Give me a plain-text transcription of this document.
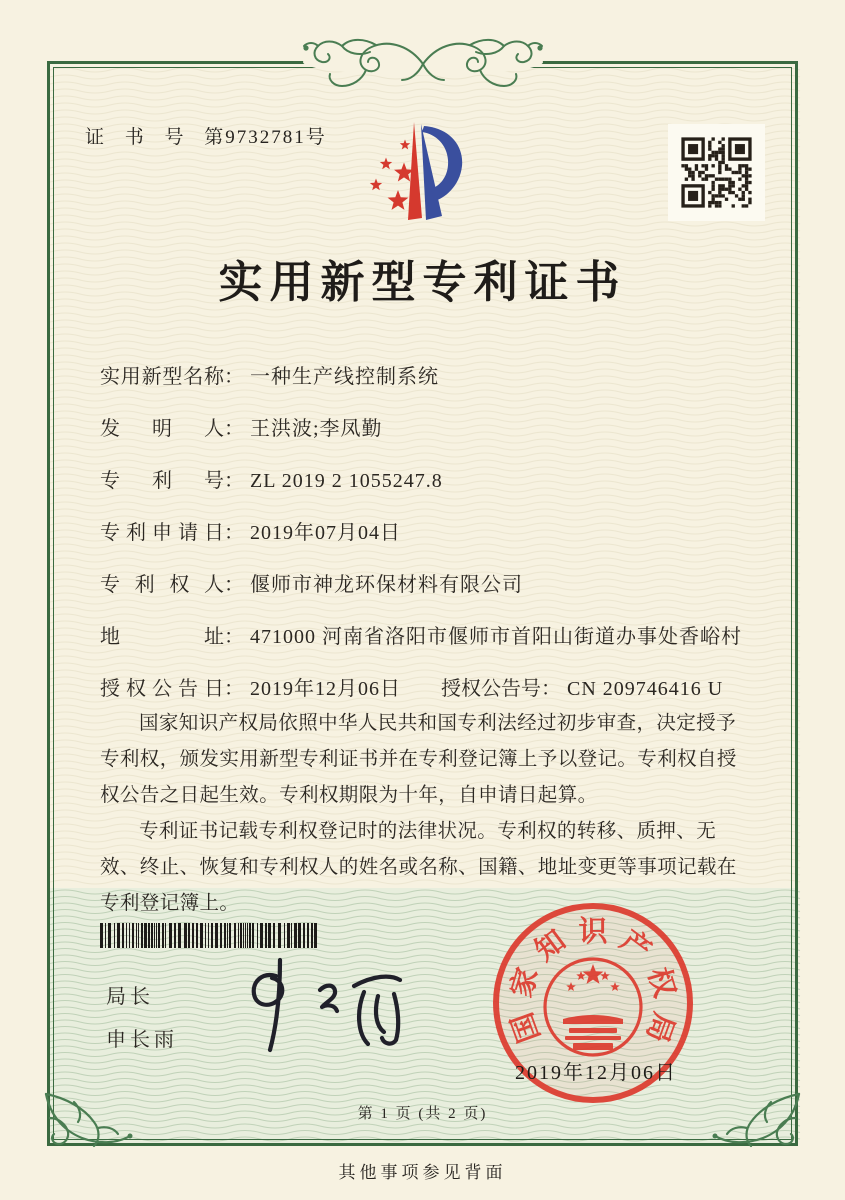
证 书 号 第9732781号
实用新型专利证书
实用新型名称： 一种生产线控制系统
发明人： 王洪波;李凤勤
专利号： ZL 2019 2 1055247.8
专利申请日： 2019年07月04日
专利权人： 偃师市神龙环保材料有限公司
地址： 471000 河南省洛阳市偃师市首阳山街道办事处香峪村
授权公告日： 2019年12月06日 授权公告号： CN 209746416 U

国家知识产权局依照中华人民共和国专利法经过初步审查，决定授予专利权，颁发实用新型专利证书并在专利登记簿上予以登记。专利权自授权公告之日起生效。专利权期限为十年，自申请日起算。

专利证书记载专利权登记时的法律状况。专利权的转移、质押、无效、终止、恢复和专利权人的姓名或名称、国籍、地址变更等事项记载在专利登记簿上。

局长
申长雨	国
家
知 识 产
权
局
2019年12月06日
第 1 页 (共 2 页)
其他事项参见背面
